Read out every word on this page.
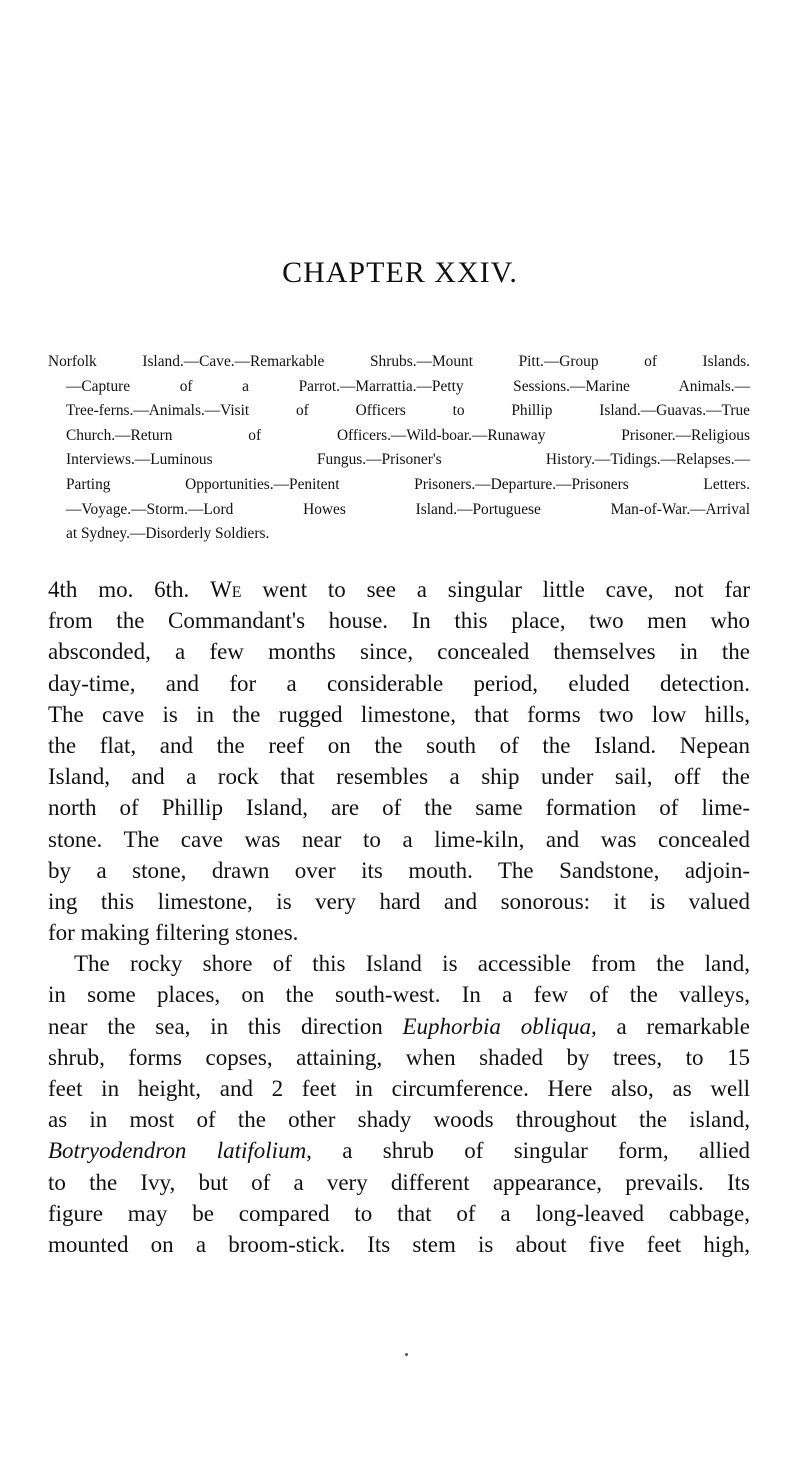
CHAPTER XXIV.
Norfolk Island.—Cave.—Remarkable Shrubs.—Mount Pitt.—Group of Islands.
—Capture of a Parrot.—Marrattia.—Petty Sessions.—Marine Animals.—
Tree-ferns.—Animals.—Visit of Officers to Phillip Island.—Guavas.—True
Church.—Return of Officers.—Wild-boar.—Runaway Prisoner.—Religious
Interviews.—Luminous Fungus.—Prisoner's History.—Tidings.—Relapses.—
Parting Opportunities.—Penitent Prisoners.—Departure.—Prisoners Letters.
—Voyage.—Storm.—Lord Howes Island.—Portuguese Man-of-War.—Arrival
at Sydney.—Disorderly Soldiers.
4th mo. 6th. We went to see a singular little cave, not far
from the Commandant's house. In this place, two men who
absconded, a few months since, concealed themselves in the
day-time, and for a considerable period, eluded detection.
The cave is in the rugged limestone, that forms two low hills,
the flat, and the reef on the south of the Island. Nepean
Island, and a rock that resembles a ship under sail, off the
north of Phillip Island, are of the same formation of lime-
stone. The cave was near to a lime-kiln, and was concealed
by a stone, drawn over its mouth. The Sandstone, adjoin-
ing this limestone, is very hard and sonorous: it is valued
for making filtering stones.
The rocky shore of this Island is accessible from the land,
in some places, on the south-west. In a few of the valleys,
near the sea, in this direction Euphorbia obliqua, a remarkable
shrub, forms copses, attaining, when shaded by trees, to 15
feet in height, and 2 feet in circumference. Here also, as well
as in most of the other shady woods throughout the island,
Botryodendron latifolium, a shrub of singular form, allied
to the Ivy, but of a very different appearance, prevails. Its
figure may be compared to that of a long-leaved cabbage,
mounted on a broom-stick. Its stem is about five feet high,
